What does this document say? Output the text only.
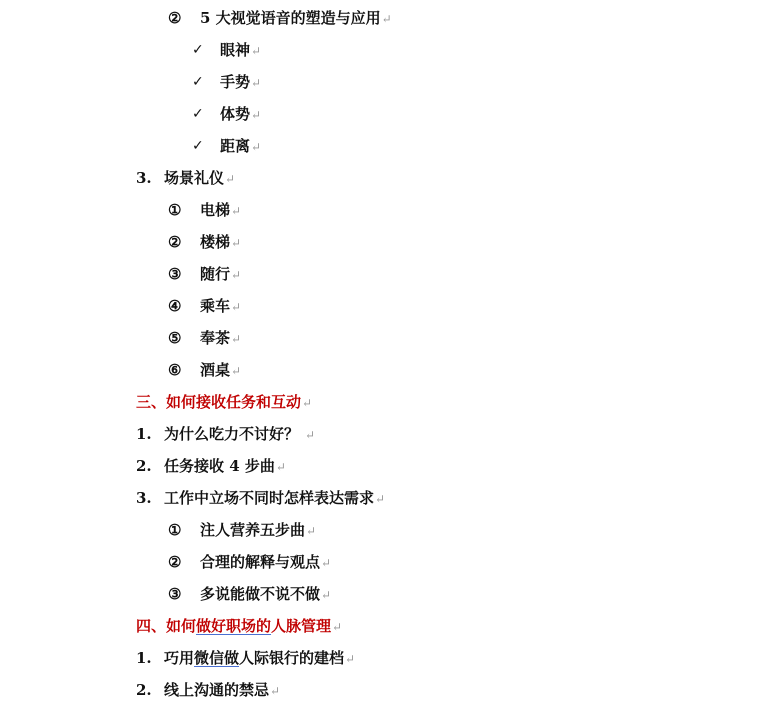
② 5 大视觉语音的塑造与应用↵
✓ 眼神↵
✓ 手势↵
✓ 体势↵
✓ 距离↵
3. 场景礼仪↵
① 电梯↵
② 楼梯↵
③ 随行↵
④ 乘车↵
⑤ 奉茶↵
⑥ 酒桌↵
三、如何接收任务和互动↵
1. 为什么吃力不讨好？ ↵
2. 任务接收 4 步曲↵
3. 工作中立场不同时怎样表达需求↵
① 注人营养五步曲↵
② 合理的解释与观点↵
③ 多说能做不说不做↵
四、如何做好职场的人脉管理↵
1. 巧用微信做人际银行的建档↵
2. 线上沟通的禁忌↵
